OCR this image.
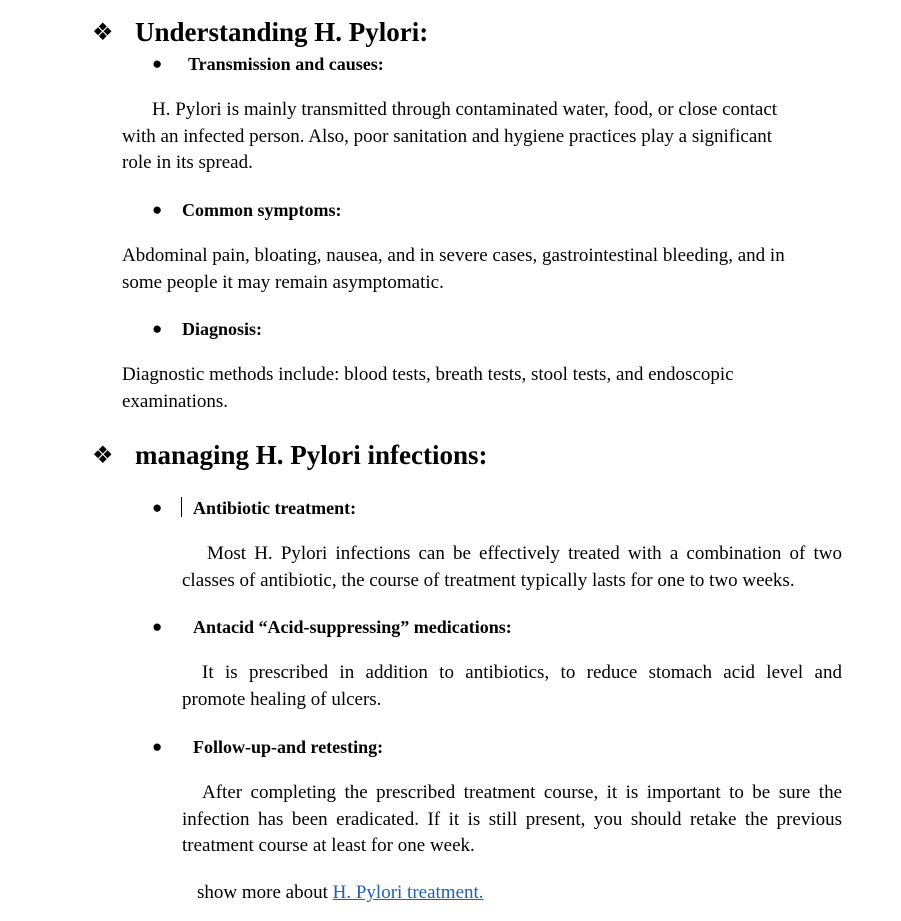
❖ Understanding H. Pylori:
● Transmission and causes:
H. Pylori is mainly transmitted through contaminated water, food, or close contact
with an infected person. Also, poor sanitation and hygiene practices play a significant
role in its spread.
● Common symptoms:
Abdominal pain, bloating, nausea, and in severe cases, gastrointestinal bleeding, and in
some people it may remain asymptomatic.
● Diagnosis:
Diagnostic methods include: blood tests, breath tests, stool tests, and endoscopic
examinations.
❖ managing H. Pylori infections:
● Antibiotic treatment:
Most H. Pylori infections can be effectively treated with a combination of two
classes of antibiotic, the course of treatment typically lasts for one to two weeks.
● Antacid “Acid-suppressing” medications:
It is prescribed in addition to antibiotics, to reduce stomach acid level and
promote healing of ulcers.
● Follow-up-and retesting:
After completing the prescribed treatment course, it is important to be sure the
infection has been eradicated. If it is still present, you should retake the previous
treatment course at least for one week.
show more about H. Pylori treatment.
